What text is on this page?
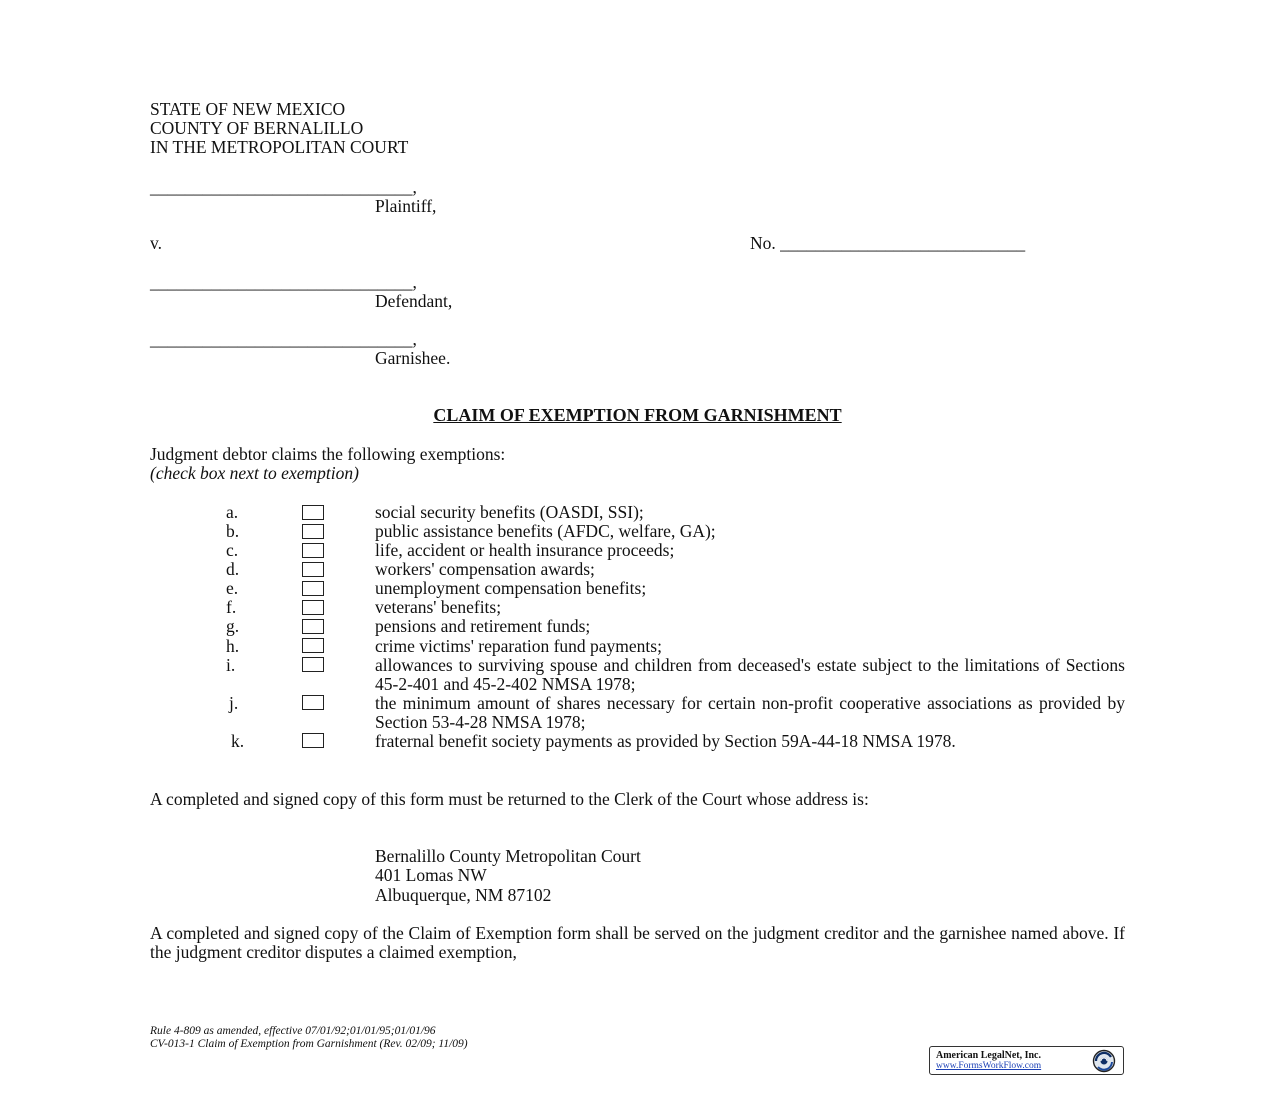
STATE OF NEW MEXICO
COUNTY OF BERNALILLO
IN THE METROPOLITAN COURT
______________________________,
Plaintiff,
v.	No. ____________________________
______________________________,
Defendant,
______________________________,
Garnishee.
CLAIM OF EXEMPTION FROM GARNISHMENT
Judgment debtor claims the following exemptions:
(check box next to exemption)
a.	social security benefits (OASDI, SSI);
b.	public assistance benefits (AFDC, welfare, GA);
c.	life, accident or health insurance proceeds;
d.	workers' compensation awards;
e.	unemployment compensation benefits;
f.	veterans' benefits;
g.	pensions and retirement funds;
h.	crime victims' reparation fund payments;
i.	allowances to surviving spouse and children from deceased's estate subject to the limitations of Sections 45-2-401 and 45-2-402 NMSA 1978;
j.	the minimum amount of shares necessary for certain non-profit cooperative associations as provided by Section 53-4-28 NMSA 1978;
k.	fraternal benefit society payments as provided by Section 59A-44-18 NMSA 1978.
A completed and signed copy of this form must be returned to the Clerk of the Court whose address is:
Bernalillo County Metropolitan Court
401 Lomas NW
Albuquerque, NM 87102
A completed and signed copy of the Claim of Exemption form shall be served on the judgment creditor and the garnishee named above. If the judgment creditor disputes a claimed exemption,
Rule 4-809 as amended, effective 07/01/92;01/01/95;01/01/96
CV-013-1 Claim of Exemption from Garnishment (Rev. 02/09; 11/09)
American LegalNet, Inc.
www.FormsWorkFlow.com
